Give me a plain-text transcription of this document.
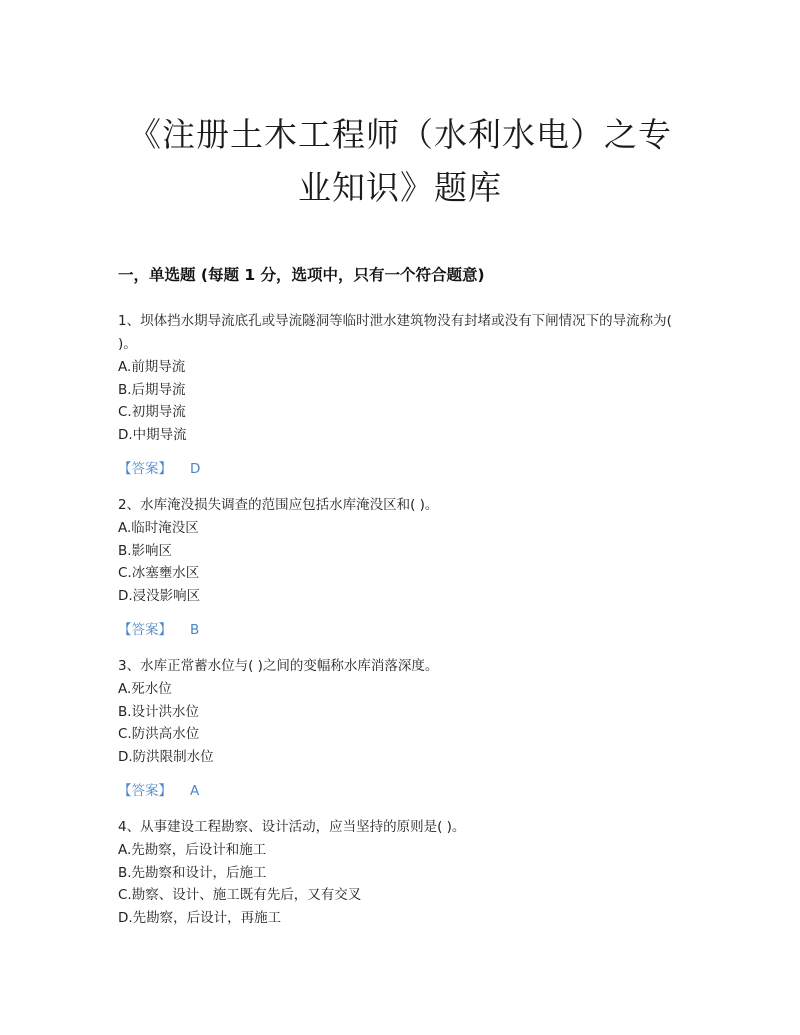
《注册土木工程师（水利水电）之专
业知识》题库
一，单选题 (每题 1 分，选项中，只有一个符合题意)
1、坝体挡水期导流底孔或导流隧洞等临时泄水建筑物没有封堵或没有下闸情况下的导流称为( )。
A.前期导流
B.后期导流
C.初期导流
D.中期导流
【答案】 D
2、水库淹没损失调查的范围应包括水库淹没区和( )。
A.临时淹没区
B.影响区
C.冰塞壅水区
D.浸没影响区
【答案】 B
3、水库正常蓄水位与( )之间的变幅称水库消落深度。
A.死水位
B.设计洪水位
C.防洪高水位
D.防洪限制水位
【答案】 A
4、从事建设工程勘察、设计活动，应当坚持的原则是( )。
A.先勘察，后设计和施工
B.先勘察和设计，后施工
C.勘察、设计、施工既有先后，又有交叉
D.先勘察，后设计，再施工
